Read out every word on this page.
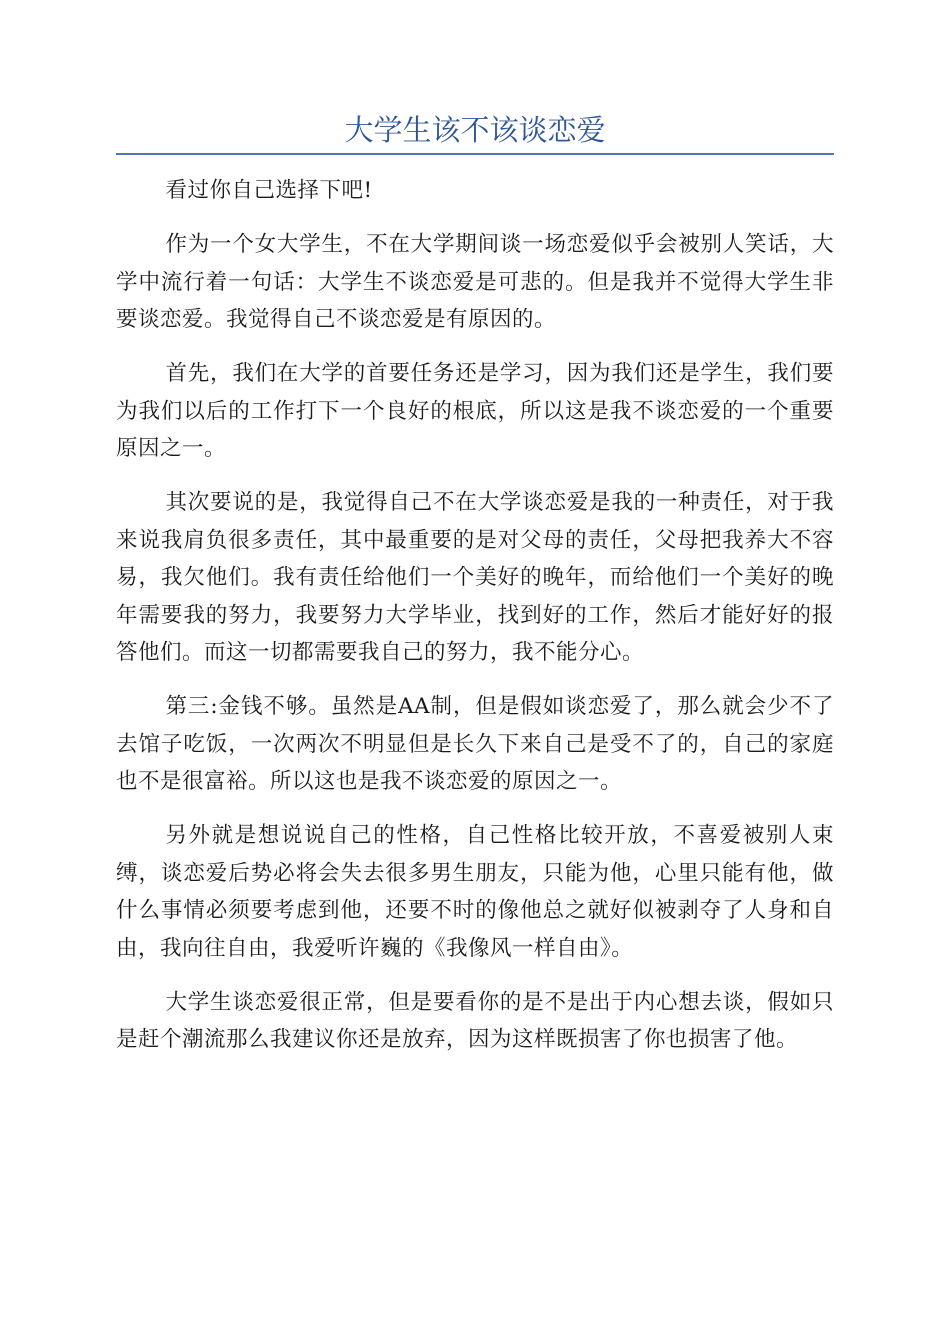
大学生该不该谈恋爱

看过你自己选择下吧!

作为一个女大学生，不在大学期间谈一场恋爱似乎会被别人笑话，大学中流行着一句话：大学生不谈恋爱是可悲的。但是我并不觉得大学生非要谈恋爱。我觉得自己不谈恋爱是有原因的。

首先，我们在大学的首要任务还是学习，因为我们还是学生，我们要为我们以后的工作打下一个良好的根底，所以这是我不谈恋爱的一个重要原因之一。

其次要说的是，我觉得自己不在大学谈恋爱是我的一种责任，对于我来说我肩负很多责任，其中最重要的是对父母的责任，父母把我养大不容易，我欠他们。我有责任给他们一个美好的晚年，而给他们一个美好的晚年需要我的努力，我要努力大学毕业，找到好的工作，然后才能好好的报答他们。而这一切都需要我自己的努力，我不能分心。

第三:金钱不够。虽然是AA制，但是假如谈恋爱了，那么就会少不了去馆子吃饭，一次两次不明显但是长久下来自己是受不了的，自己的家庭也不是很富裕。所以这也是我不谈恋爱的原因之一。

另外就是想说说自己的性格，自己性格比较开放，不喜爱被别人束缚，谈恋爱后势必将会失去很多男生朋友，只能为他，心里只能有他，做什么事情必须要考虑到他，还要不时的像他总之就好似被剥夺了人身和自由，我向往自由，我爱听许巍的《我像风一样自由》。

大学生谈恋爱很正常，但是要看你的是不是出于内心想去谈，假如只是赶个潮流那么我建议你还是放弃，因为这样既损害了你也损害了他。
